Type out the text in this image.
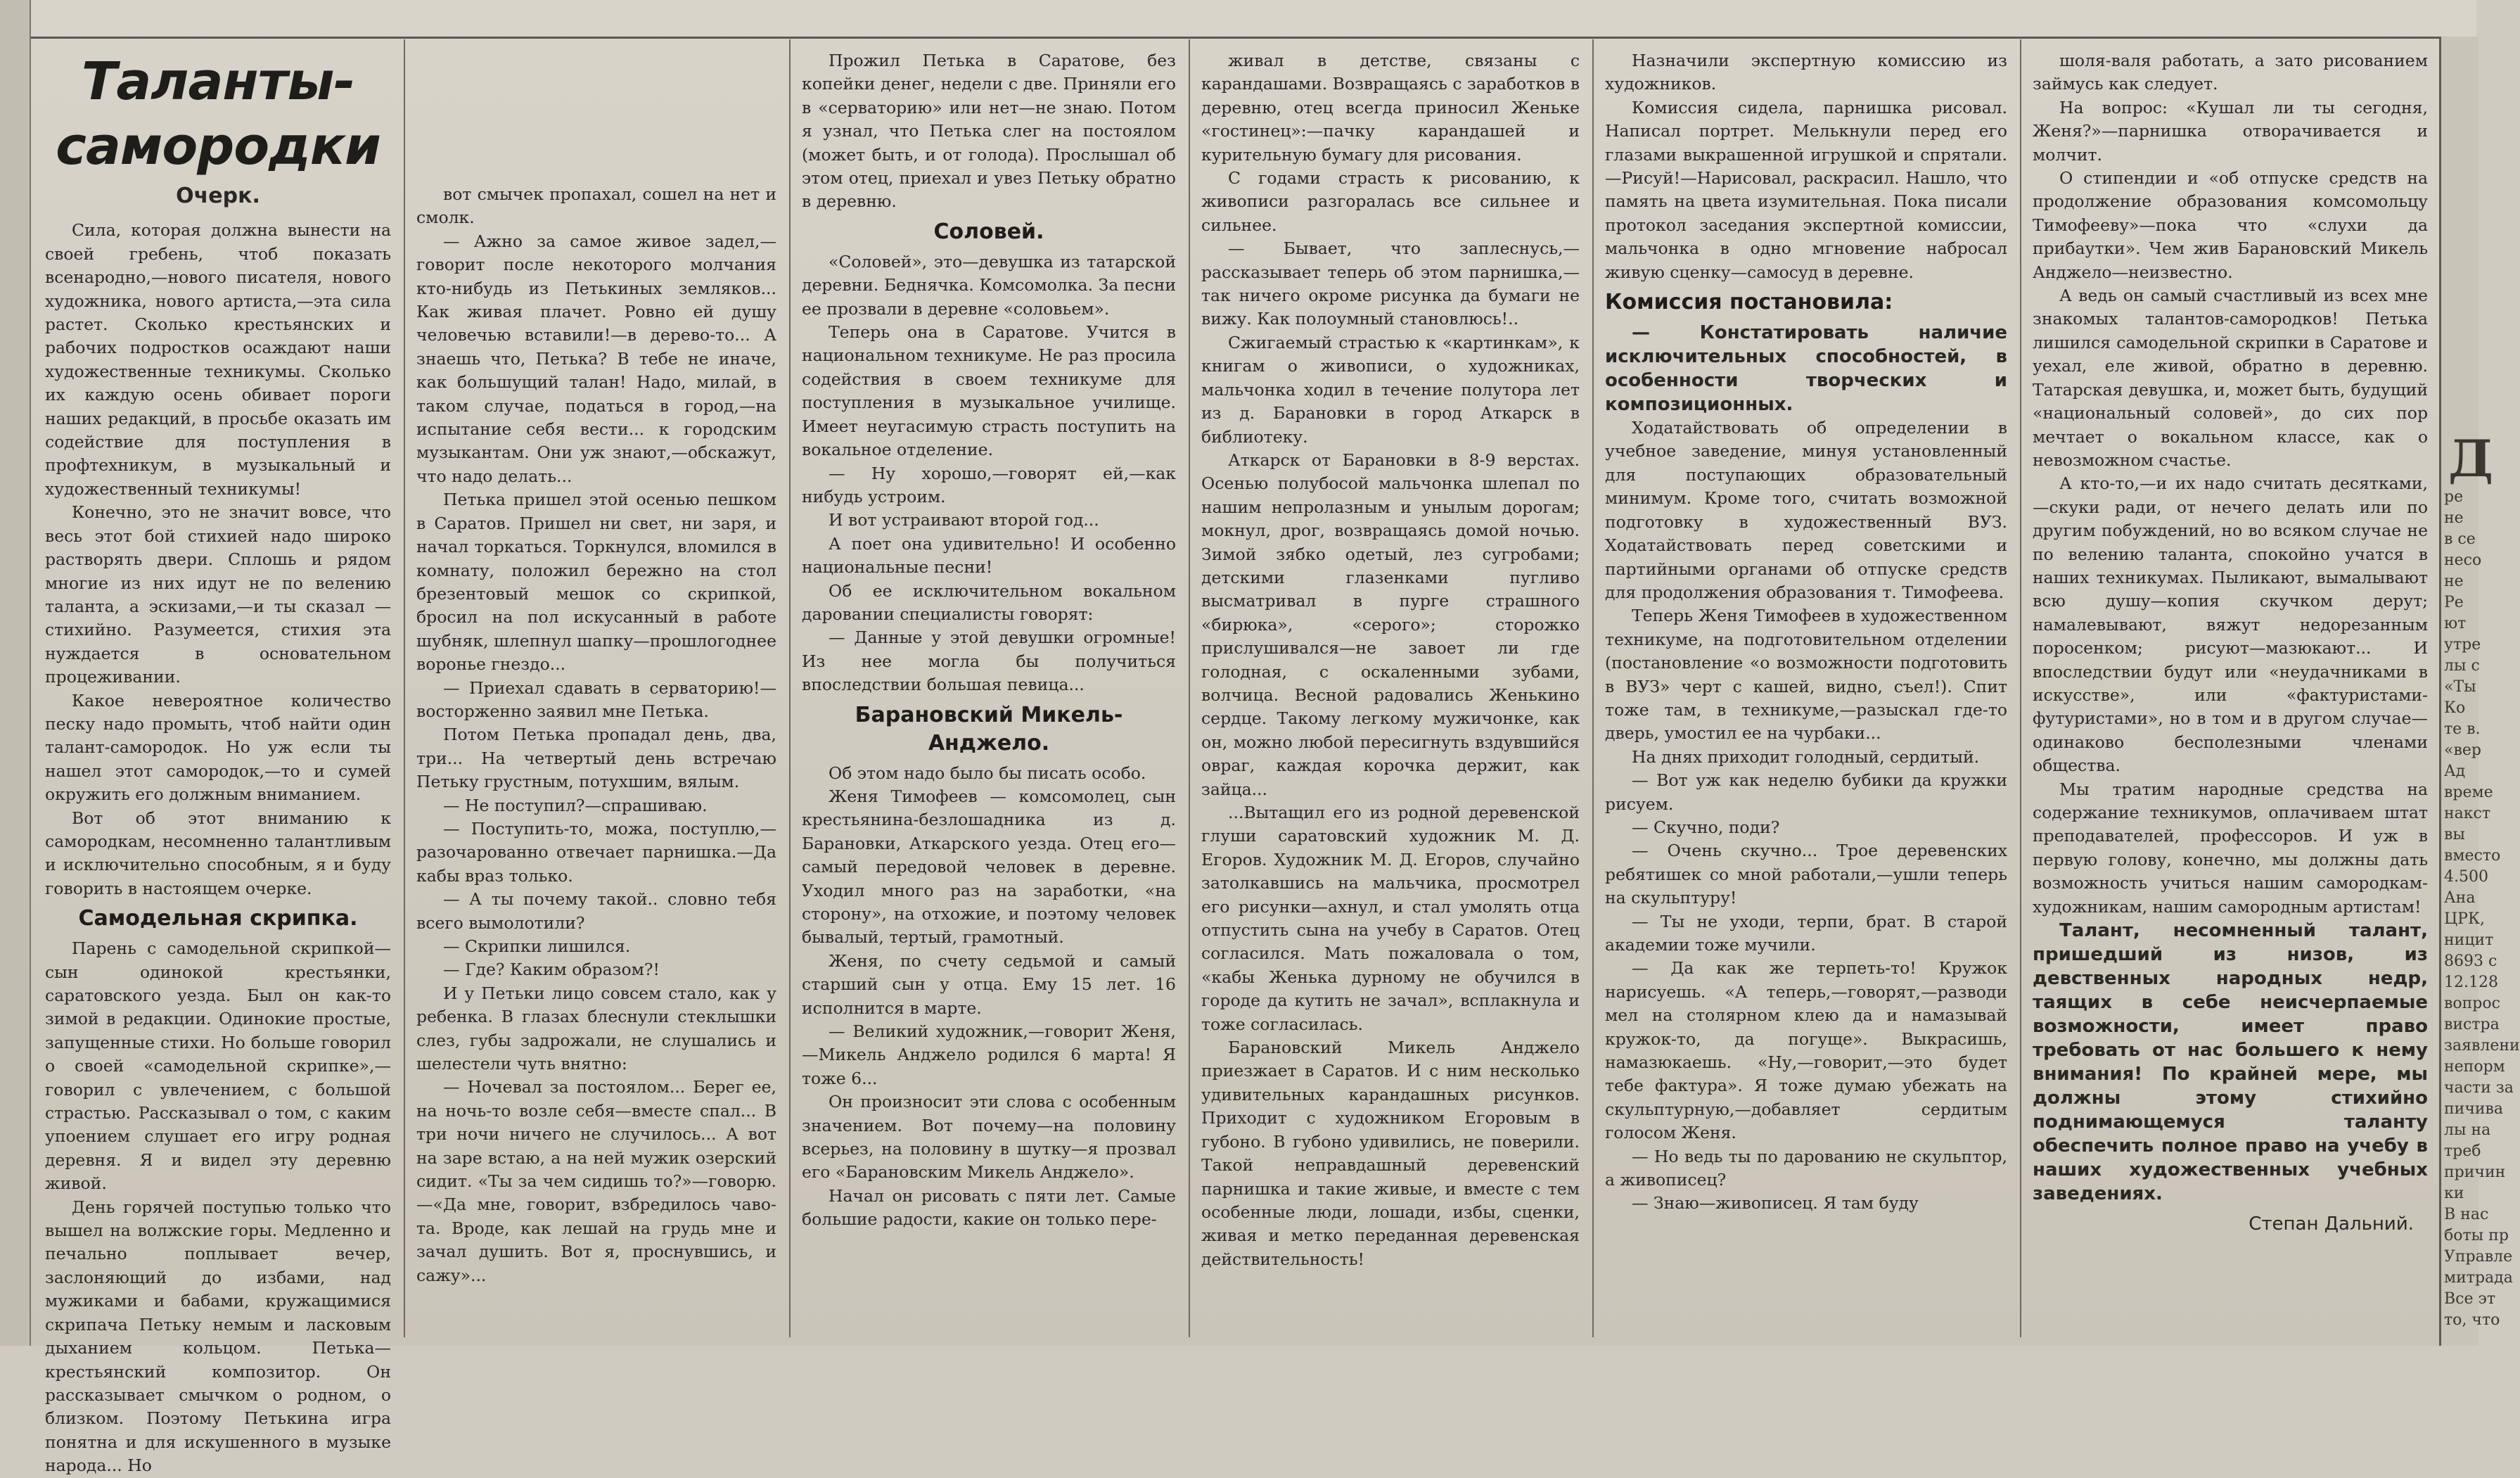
Таланты-самородки
Очерк.

Сила, которая должна вынести на своей гребень, чтоб показать всенародно,—нового писателя, нового художника, нового артиста,—эта сила растет. Сколько крестьянских и рабочих подростков осаждают наши художественные техникумы. Сколько их каждую осень обивает пороги наших редакций, в просьбе оказать им содействие для поступления в профтехникум, в музыкальный и художественный техникумы!

Конечно, это не значит вовсе, что весь этот бой стихией надо широко растворять двери. Сплошь и рядом многие из них идут не по велению таланта, а эскизами,—и ты сказал — стихийно. Разумеется, стихия эта нуждается в основательном процеживании.

Какое невероятное количество песку надо промыть, чтоб найти один талант-самородок. Но уж если ты нашел этот самородок,—то и сумей окружить его должным вниманием.

Вот об этот вниманию к самородкам, несомненно талантливым и исключительно способным, я и буду говорить в настоящем очерке.

Самодельная скрипка.

Парень с самодельной скрипкой—сын одинокой крестьянки, саратовского уезда. Был он как-то зимой в редакции. Одинокие простые, запущенные стихи. Но больше говорил о своей «самодельной скрипке»,—говорил с увлечением, с большой страстью. Рассказывал о том, с каким упоением слушает его игру родная деревня. Я и видел эту деревню живой.

День горячей поступью только что вышел на волжские горы. Медленно и печально поплывает вечер, заслоняющий до избами, над мужиками и бабами, кружащимися скрипача Петьку немым и ласковым дыханием кольцом. Петька—крестьянский композитор. Он рассказывает смычком о родном, о близком. Поэтому Петькина игра понятна и для искушенного в музыке народа... Но

вот смычек пропахал, сошел на нет и смолк.

— Ажно за самое живое задел,—говорит после некоторого молчания кто-нибудь из Петькиных земляков... Как живая плачет. Ровно ей душу человечью вставили!—в дерево-то... А знаешь что, Петька? В тебе не иначе, как большущий талан! Надо, милай, в таком случае, податься в город,—на испытание себя вести... к городским музыкантам. Они уж знают,—обскажут, что надо делать...

Петька пришел этой осенью пешком в Саратов. Пришел ни свет, ни заря, и начал торкаться. Торкнулся, вломился в комнату, положил бережно на стол брезентовый мешок со скрипкой, бросил на пол искусанный в работе шубняк, шлепнул шапку—прошлогоднее воронье гнездо...

— Приехал сдавать в серваторию!—восторженно заявил мне Петька.

Потом Петька пропадал день, два, три... На четвертый день встречаю Петьку грустным, потухшим, вялым.

— Не поступил?—спрашиваю.

— Поступить-то, можа, поступлю,—разочарованно отвечает парнишка.—Да кабы враз только.

— А ты почему такой.. словно тебя всего вымолотили?

— Скрипки лишился.

— Где? Каким образом?!

И у Петьки лицо совсем стало, как у ребенка. В глазах блеснули стеклышки слез, губы задрожали, не слушались и шелестели чуть внятно:

— Ночевал за постоялом... Берег ее, на ночь-то возле себя—вместе спал... В три ночи ничего не случилось... А вот на заре встаю, а на ней мужик озерский сидит. «Ты за чем сидишь то?»—говорю.—«Да мне, говорит, взбредилось чаво-та. Вроде, как лешай на грудь мне и зачал душить. Вот я, проснувшись, и сажу»...

Прожил Петька в Саратове, без копейки денег, недели с две. Приняли его в «серваторию» или нет—не знаю. Потом я узнал, что Петька слег на постоялом (может быть, и от голода). Прослышал об этом отец, приехал и увез Петьку обратно в деревню.

Соловей.

«Соловей», это—девушка из татарской деревни. Беднячка. Комсомолка. За песни ее прозвали в деревне «соловьем».

Теперь она в Саратове. Учится в национальном техникуме. Не раз просила содействия в своем техникуме для поступления в музыкальное училище. Имеет неугасимую страсть поступить на вокальное отделение.

— Ну хорошо,—говорят ей,—как нибудь устроим.

И вот устраивают второй год...

А поет она удивительно! И особенно национальные песни!

Об ее исключительном вокальном даровании специалисты говорят:

— Данные у этой девушки огромные! Из нее могла бы получиться впоследствии большая певица...

Барановский Микель-Анджело.

Об этом надо было бы писать особо.

Женя Тимофеев — комсомолец, сын крестьянина-безлошадника из д. Барановки, Аткарского уезда. Отец его—самый передовой человек в деревне. Уходил много раз на заработки, «на сторону», на отхожие, и поэтому человек бывалый, тертый, грамотный.

Женя, по счету седьмой и самый старший сын у отца. Ему 15 лет. 16 исполнится в марте.

— Великий художник,—говорит Женя,—Микель Анджело родился 6 марта! Я тоже 6...

Он произносит эти слова с особенным значением. Вот почему—на половину всерьез, на половину в шутку—я прозвал его «Барановским Микель Анджело».

Начал он рисовать с пяти лет. Самые большие радости, какие он только пере-

живал в детстве, связаны с карандашами. Возвращаясь с заработков в деревню, отец всегда приносил Женьке «гостинец»:—пачку карандашей и курительную бумагу для рисования.

С годами страсть к рисованию, к живописи разгоралась все сильнее и сильнее.

— Бывает, что заплеснусь,—рассказывает теперь об этом парнишка,—так ничего окроме рисунка да бумаги не вижу. Как полоумный становлюсь!..

Сжигаемый страстью к «картинкам», к книгам о живописи, о художниках, мальчонка ходил в течение полутора лет из д. Барановки в город Аткарск в библиотеку.

Аткарск от Барановки в 8-9 верстах. Осенью полубосой мальчонка шлепал по нашим непролазным и унылым дорогам; мокнул, дрог, возвращаясь домой ночью. Зимой зябко одетый, лез сугробами; детскими глазенками пугливо высматривал в пурге страшного «бирюка», «серого»; сторожко прислушивался—не завоет ли где голодная, с оскаленными зубами, волчица. Весной радовались Женькино сердце. Такому легкому мужичонке, как он, можно любой пересигнуть вздувшийся овраг, каждая корочка держит, как зайца...

...Вытащил его из родной деревенской глуши саратовский художник М. Д. Егоров. Художник М. Д. Егоров, случайно затолкавшись на мальчика, просмотрел его рисунки—ахнул, и стал умолять отца отпустить сына на учебу в Саратов. Отец согласился. Мать пожаловала о том, «кабы Женька дурному не обучился в городе да кутить не зачал», всплакнула и тоже согласилась.

Барановский Микель Анджело приезжает в Саратов. И с ним несколько удивительных карандашных рисунков. Приходит с художником Егоровым в губоно. В губоно удивились, не поверили. Такой неправдашный деревенский парнишка и такие живые, и вместе с тем особенные люди, лошади, избы, сценки, живая и метко переданная деревенская действительность!

Назначили экспертную комиссию из художников.

Комиссия сидела, парнишка рисовал. Написал портрет. Мелькнули перед его глазами выкрашенной игрушкой и спрятали.—Рисуй!—Нарисовал, раскрасил. Нашло, что память на цвета изумительная. Пока писали протокол заседания экспертной комиссии, мальчонка в одно мгновение набросал живую сценку—самосуд в деревне.

Комиссия постановила:

— Констатировать наличие исключительных способностей, в особенности творческих и композиционных.

Ходатайствовать об определении в учебное заведение, минуя установленный для поступающих образовательный минимум. Кроме того, считать возможной подготовку в художественный ВУЗ. Ходатайствовать перед советскими и партийными органами об отпуске средств для продолжения образования т. Тимофеева.

Теперь Женя Тимофеев в художественном техникуме, на подготовительном отделении (постановление «о возможности подготовить в ВУЗ» черт с кашей, видно, съел!). Спит тоже там, в техникуме,—разыскал где-то дверь, умостил ее на чурбаки...

На днях приходит голодный, сердитый.

— Вот уж как неделю бубики да кружки рисуем.

— Скучно, поди?

— Очень скучно... Трое деревенских ребятишек со мной работали,—ушли теперь на скульптуру!

— Ты не уходи, терпи, брат. В старой академии тоже мучили.

— Да как же терпеть-то! Кружок нарисуешь. «А теперь,—говорят,—разводи мел на столярном клею да и намазывай кружок-то, да погуще». Выкрасишь, намазюкаешь. «Ну,—говорит,—это будет тебе фактура». Я тоже думаю убежать на скульптурную,—добавляет сердитым голосом Женя.

— Но ведь ты по дарованию не скульптор, а живописец?

— Знаю—живописец. Я там буду

шоля-валя работать, а зато рисованием займусь как следует.

На вопрос: «Кушал ли ты сегодня, Женя?»—парнишка отворачивается и молчит.

О стипендии и «об отпуске средств на продолжение образования комсомольцу Тимофееву»—пока что «слухи да прибаутки». Чем жив Барановский Микель Анджело—неизвестно.

А ведь он самый счастливый из всех мне знакомых талантов-самородков! Петька лишился самодельной скрипки в Саратове и уехал, еле живой, обратно в деревню. Татарская девушка, и, может быть, будущий «национальный соловей», до сих пор мечтает о вокальном классе, как о невозможном счастье.

А кто-то,—и их надо считать десятками,—скуки ради, от нечего делать или по другим побуждений, но во всяком случае не по велению таланта, спокойно учатся в наших техникумах. Пыликают, вымалывают всю душу—копия скучком дерут; намалевывают, вяжут недорезанным поросенком; рисуют—мазюкают... И впоследствии будут или «неудачниками в искусстве», или «фактуристами-футуристами», но в том и в другом случае—одинаково бесполезными членами общества.

Мы тратим народные средства на содержание техникумов, оплачиваем штат преподавателей, профессоров. И уж в первую голову, конечно, мы должны дать возможность учиться нашим самородкам-художникам, нашим самородным артистам!

Талант, несомненный талант, пришедший из низов, из девственных народных недр, таящих в себе неисчерпаемые возможности, имеет право требовать от нас большего к нему внимания! По крайней мере, мы должны этому стихийно поднимающемуся таланту обеспечить полное право на учебу в наших художественных учебных заведениях.

Степан Дальний.
Д
ре
не
в се
несо
не
Ре
ют
утре
лы с
«Ты
Ко
те в.
«вер
Ад
време
накст
вы
вместо
4.500
Ана
ЦРК,
ницит
8693 с
12.128
вопрос
вистра
заявлени
непорм
части за
пичива
лы на
треб
причин
ки
В нас
боты пр
Управле
митрада
Все эт
то, что
